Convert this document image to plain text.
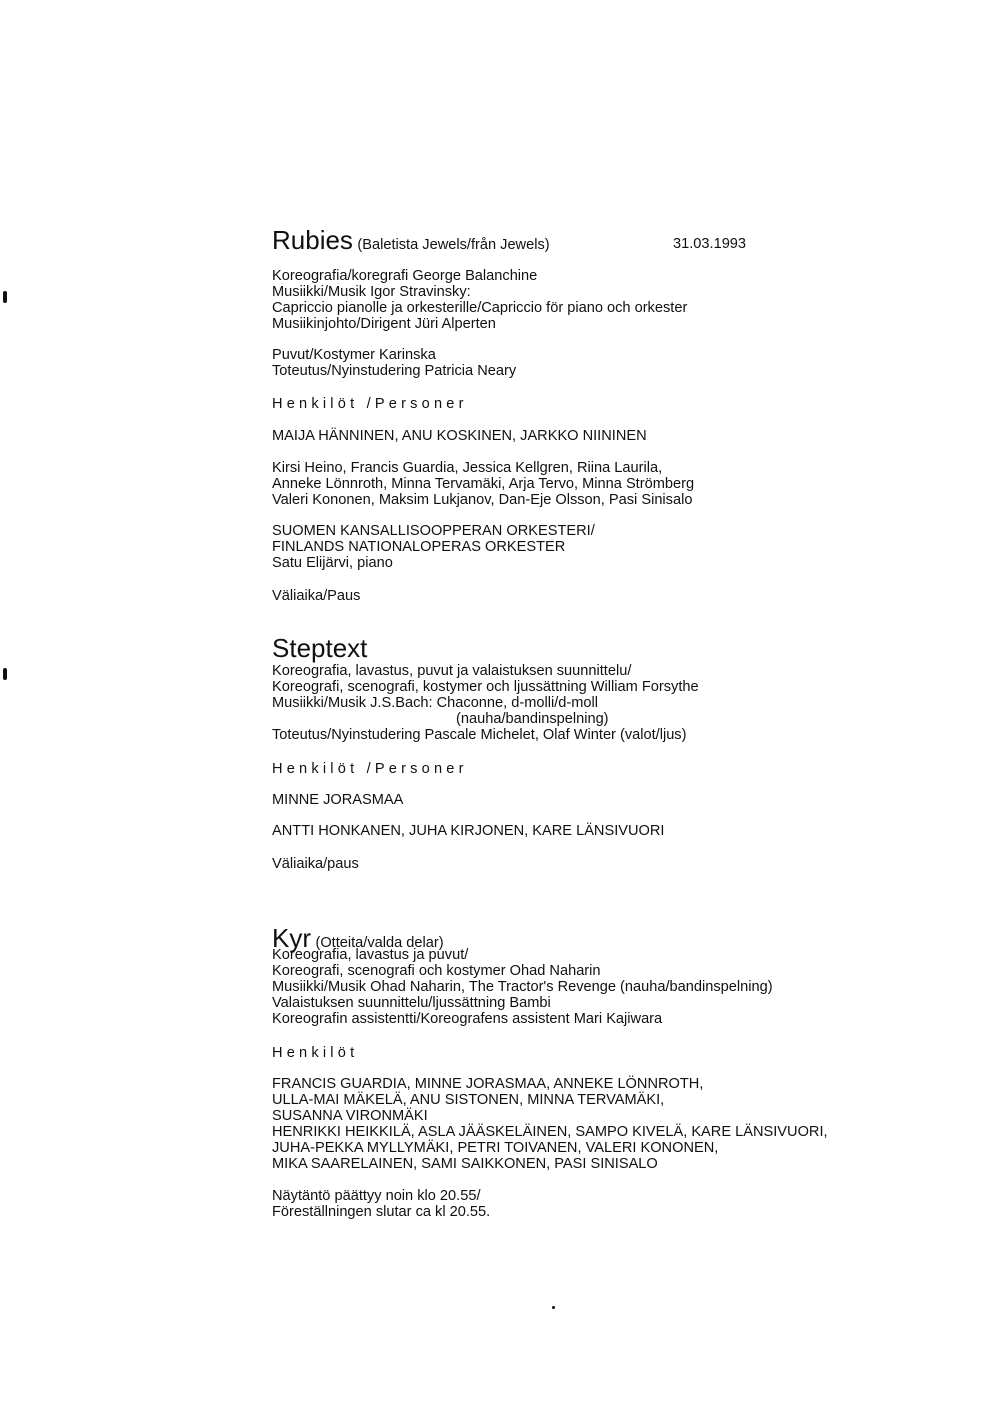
Rubies (Baletista Jewels/från Jewels)	31.03.1993
Koreografia/koregrafi George Balanchine
Musiikki/Musik Igor Stravinsky:
Capriccio pianolle ja orkesterille/Capriccio för piano och orkester
Musiikinjohto/Dirigent Jüri Alperten
Puvut/Kostymer Karinska
Toteutus/Nyinstudering Patricia Neary
Henkilöt /Personer
MAIJA HÄNNINEN, ANU KOSKINEN, JARKKO NIININEN
Kirsi Heino, Francis Guardia, Jessica Kellgren, Riina Laurila,
Anneke Lönnroth, Minna Tervamäki, Arja Tervo, Minna Strömberg
Valeri Kononen, Maksim Lukjanov, Dan-Eje Olsson, Pasi Sinisalo
SUOMEN KANSALLISOOPPERAN ORKESTERI/
FINLANDS NATIONALOPERAS ORKESTER
Satu Elijärvi, piano
Väliaika/Paus
Steptext
Koreografia, lavastus, puvut ja valaistuksen suunnittelu/
Koreografi, scenografi, kostymer och ljussättning William Forsythe
Musiikki/Musik J.S.Bach: Chaconne, d-molli/d-moll
(nauha/bandinspelning)
Toteutus/Nyinstudering Pascale Michelet, Olaf Winter (valot/ljus)
Henkilöt /Personer
MINNE JORASMAA
ANTTI HONKANEN, JUHA KIRJONEN, KARE LÄNSIVUORI
Väliaika/paus
Kyr (Otteita/valda delar)
Koreografia, lavastus ja puvut/
Koreografi, scenografi och kostymer Ohad Naharin
Musiikki/Musik Ohad Naharin, The Tractor's Revenge (nauha/bandinspelning)
Valaistuksen suunnittelu/ljussättning Bambi
Koreografin assistentti/Koreografens assistent Mari Kajiwara
Henkilöt
FRANCIS GUARDIA, MINNE JORASMAA, ANNEKE LÖNNROTH,
ULLA-MAI MÄKELÄ, ANU SISTONEN, MINNA TERVAMÄKI,
SUSANNA VIRONMÄKI
HENRIKKI HEIKKILÄ, ASLA JÄÄSKELÄINEN, SAMPO KIVELÄ, KARE LÄNSIVUORI,
JUHA-PEKKA MYLLYMÄKI, PETRI TOIVANEN, VALERI KONONEN,
MIKA SAARELAINEN, SAMI SAIKKONEN, PASI SINISALO
Näytäntö päättyy noin klo 20.55/
Föreställningen slutar ca kl 20.55.
